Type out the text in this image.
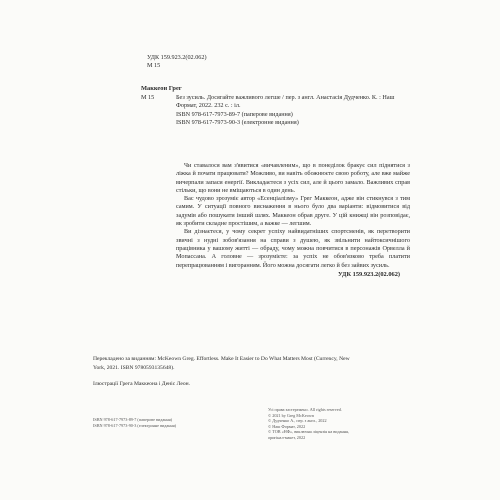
УДК 159.923.2(02.062)
М 15
Маккеон Грег
М 15	Без зусиль. Досягайте важливого легше / пер. з англ. Анастасія Дудченко. К. : Наш Формат, 2022. 232 с. : іл.
ISBN 978-617-7973-89-7 (паперове видання)
ISBN 978-617-7973-90-3 (електронне видання)

Чи ставалося вам з'явитися «вичавленим», що в понеділок бракує сил піднятися з ліжка й почати працювати? Можливо, ви навіть обожнюєте свою роботу, але вже майже вичерпали запаси енергії. Викладаєтеся з усіх сил, але й цього замало. Важливих справ стільки, що вони не вміщаються в один день.

Вас чудово зрозуміє автор «Есенціалізму» Грег Маккеон, адже він стикнувся з тим самим. У ситуації повного виснаження в нього було два варіанти: відмовитися від задумів або пошукати інший шлях. Маккеон обрав друге. У цій книжці він розповідає, як зробити складне простішим, а важке — легшим.

Ви дізнаєтеся, у чому секрет успіху найвидатніших спортсменів, як перетворити звичні з нудні зобов'язання на справи з душею, як звільнити найтоксичнішого працівника у вашому житті — обраду, чому можна повчитися в персонажів Орвелла й Мопассана. А головне — зрозумієте: за успіх не обов'язково треба платити перепрацюванням і вигоранням. Його можна досягати легко й без зайвих зусиль.

УДК 159.923.2(02.062)
Перекладено за виданням: McKeown Greg. Effortless. Make It Easier to Do What Matters Most (Currency, New York, 2021. ISBN 9780593135648).
Ілюстрації Грега Маккеона і Деніс Леон.
ISBN 978-617-7973-89-7 (паперове видання)
ISBN 978-617-7973-90-3 (електронне видання)
Усі права застережено. All rights reserved.
© 2021 by Greg McKeown
© Дудченко А., пер. з англ., 2022
© Наш Формат, 2022
© ТОВ «НФ», виключна ліцензія на видання,
оригінал-макет, 2022
